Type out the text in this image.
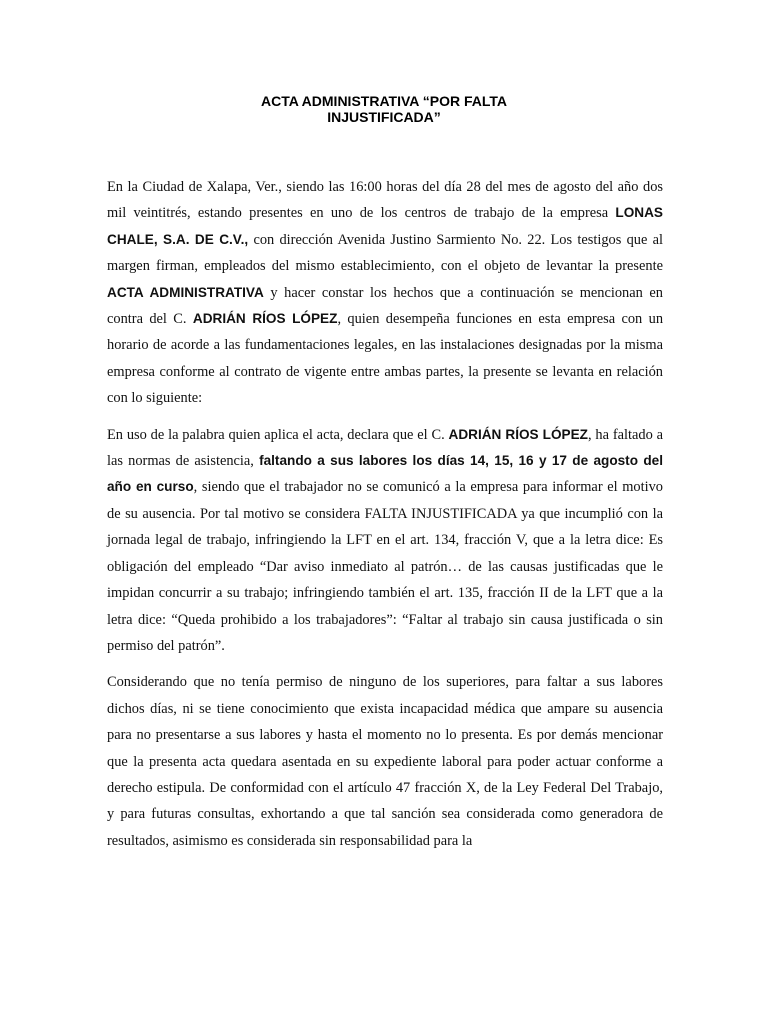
ACTA ADMINISTRATIVA “POR FALTA
INJUSTIFICADA”

En la Ciudad de Xalapa, Ver., siendo las 16:00 horas del día 28 del mes de agosto del año dos mil veintitrés, estando presentes en uno de los centros de trabajo de la empresa LONAS CHALE, S.A. DE C.V., con dirección Avenida Justino Sarmiento No. 22. Los testigos que al margen firman, empleados del mismo establecimiento, con el objeto de levantar la presente ACTA ADMINISTRATIVA y hacer constar los hechos que a continuación se mencionan en contra del C. ADRIÁN RÍOS LÓPEZ, quien desempeña funciones en esta empresa con un horario de acorde a las fundamentaciones legales, en las instalaciones designadas por la misma empresa conforme al contrato de vigente entre ambas partes, la presente se levanta en relación con lo siguiente:

En uso de la palabra quien aplica el acta, declara que el C. ADRIÁN RÍOS LÓPEZ, ha faltado a las normas de asistencia, faltando a sus labores los días 14, 15, 16 y 17 de agosto del año en curso, siendo que el trabajador no se comunicó a la empresa para informar el motivo de su ausencia. Por tal motivo se considera FALTA INJUSTIFICADA ya que incumplió con la jornada legal de trabajo, infringiendo la LFT en el art. 134, fracción V, que a la letra dice: Es obligación del empleado “Dar aviso inmediato al patrón… de las causas justificadas que le impidan concurrir a su trabajo; infringiendo también el art. 135, fracción II de la LFT que a la letra dice: “Queda prohibido a los trabajadores”: “Faltar al trabajo sin causa justificada o sin permiso del patrón”.

Considerando que no tenía permiso de ninguno de los superiores, para faltar a sus labores dichos días, ni se tiene conocimiento que exista incapacidad médica que ampare su ausencia para no presentarse a sus labores y hasta el momento no lo presenta. Es por demás mencionar que la presenta acta quedara asentada en su expediente laboral para poder actuar conforme a derecho estipula. De conformidad con el artículo 47 fracción X, de la Ley Federal Del Trabajo, y para futuras consultas, exhortando a que tal sanción sea considerada como generadora de resultados, asimismo es considerada sin responsabilidad para la
